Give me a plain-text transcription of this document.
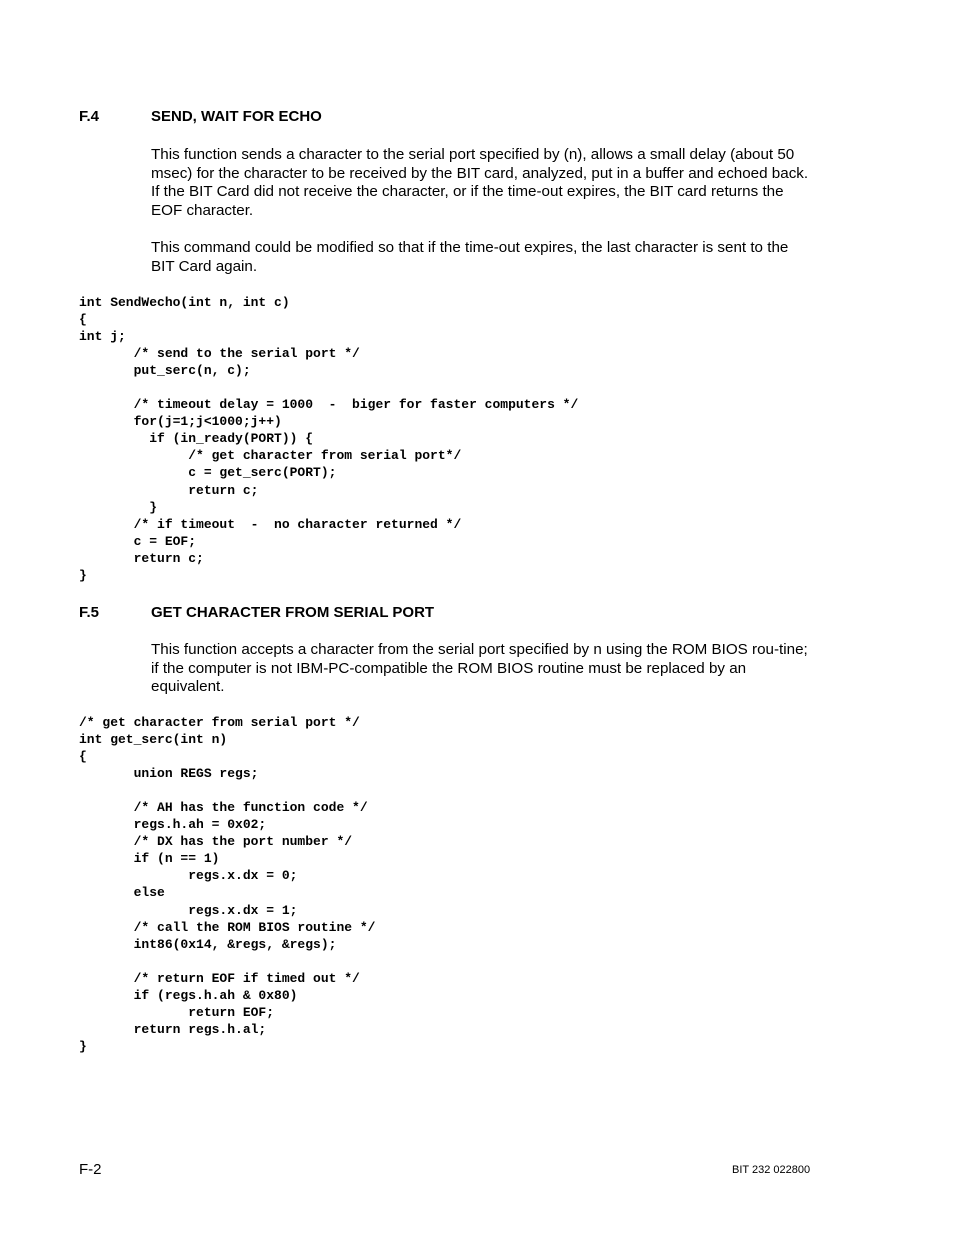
F.4	SEND, WAIT FOR ECHO

This function sends a character to the serial port specified by (n), allows a small delay (about 50 msec) for the character to be received by the BIT card, analyzed, put in a buffer and echoed back. If the BIT Card did not receive the character, or if the time-out expires, the BIT card returns the EOF character.

This command could be modified so that if the time-out expires, the last character is sent to the BIT Card again.

int SendWecho(int n, int c)
{
int j;
/* send to the serial port */
put_serc(n, c);

/* timeout delay = 1000  -  biger for faster computers */
for(j=1;j<1000;j++)
if (in_ready(PORT)) {
/* get character from serial port*/
c = get_serc(PORT);
return c;
}
/* if timeout  -  no character returned */
c = EOF;
return c;
}
F.5	GET CHARACTER FROM SERIAL PORT

This function accepts a character from the serial port specified by n using the ROM BIOS rou-tine; if the computer is not IBM-PC-compatible the ROM BIOS routine must be replaced by an equivalent.

/* get character from serial port */
int get_serc(int n)
{
union REGS regs;

/* AH has the function code */
regs.h.ah = 0x02;
/* DX has the port number */
if (n == 1)
regs.x.dx = 0;
else
regs.x.dx = 1;
/* call the ROM BIOS routine */
int86(0x14, &regs, &regs);

/* return EOF if timed out */
if (regs.h.ah & 0x80)
return EOF;
return regs.h.al;
}
F-2	BIT 232 022800
